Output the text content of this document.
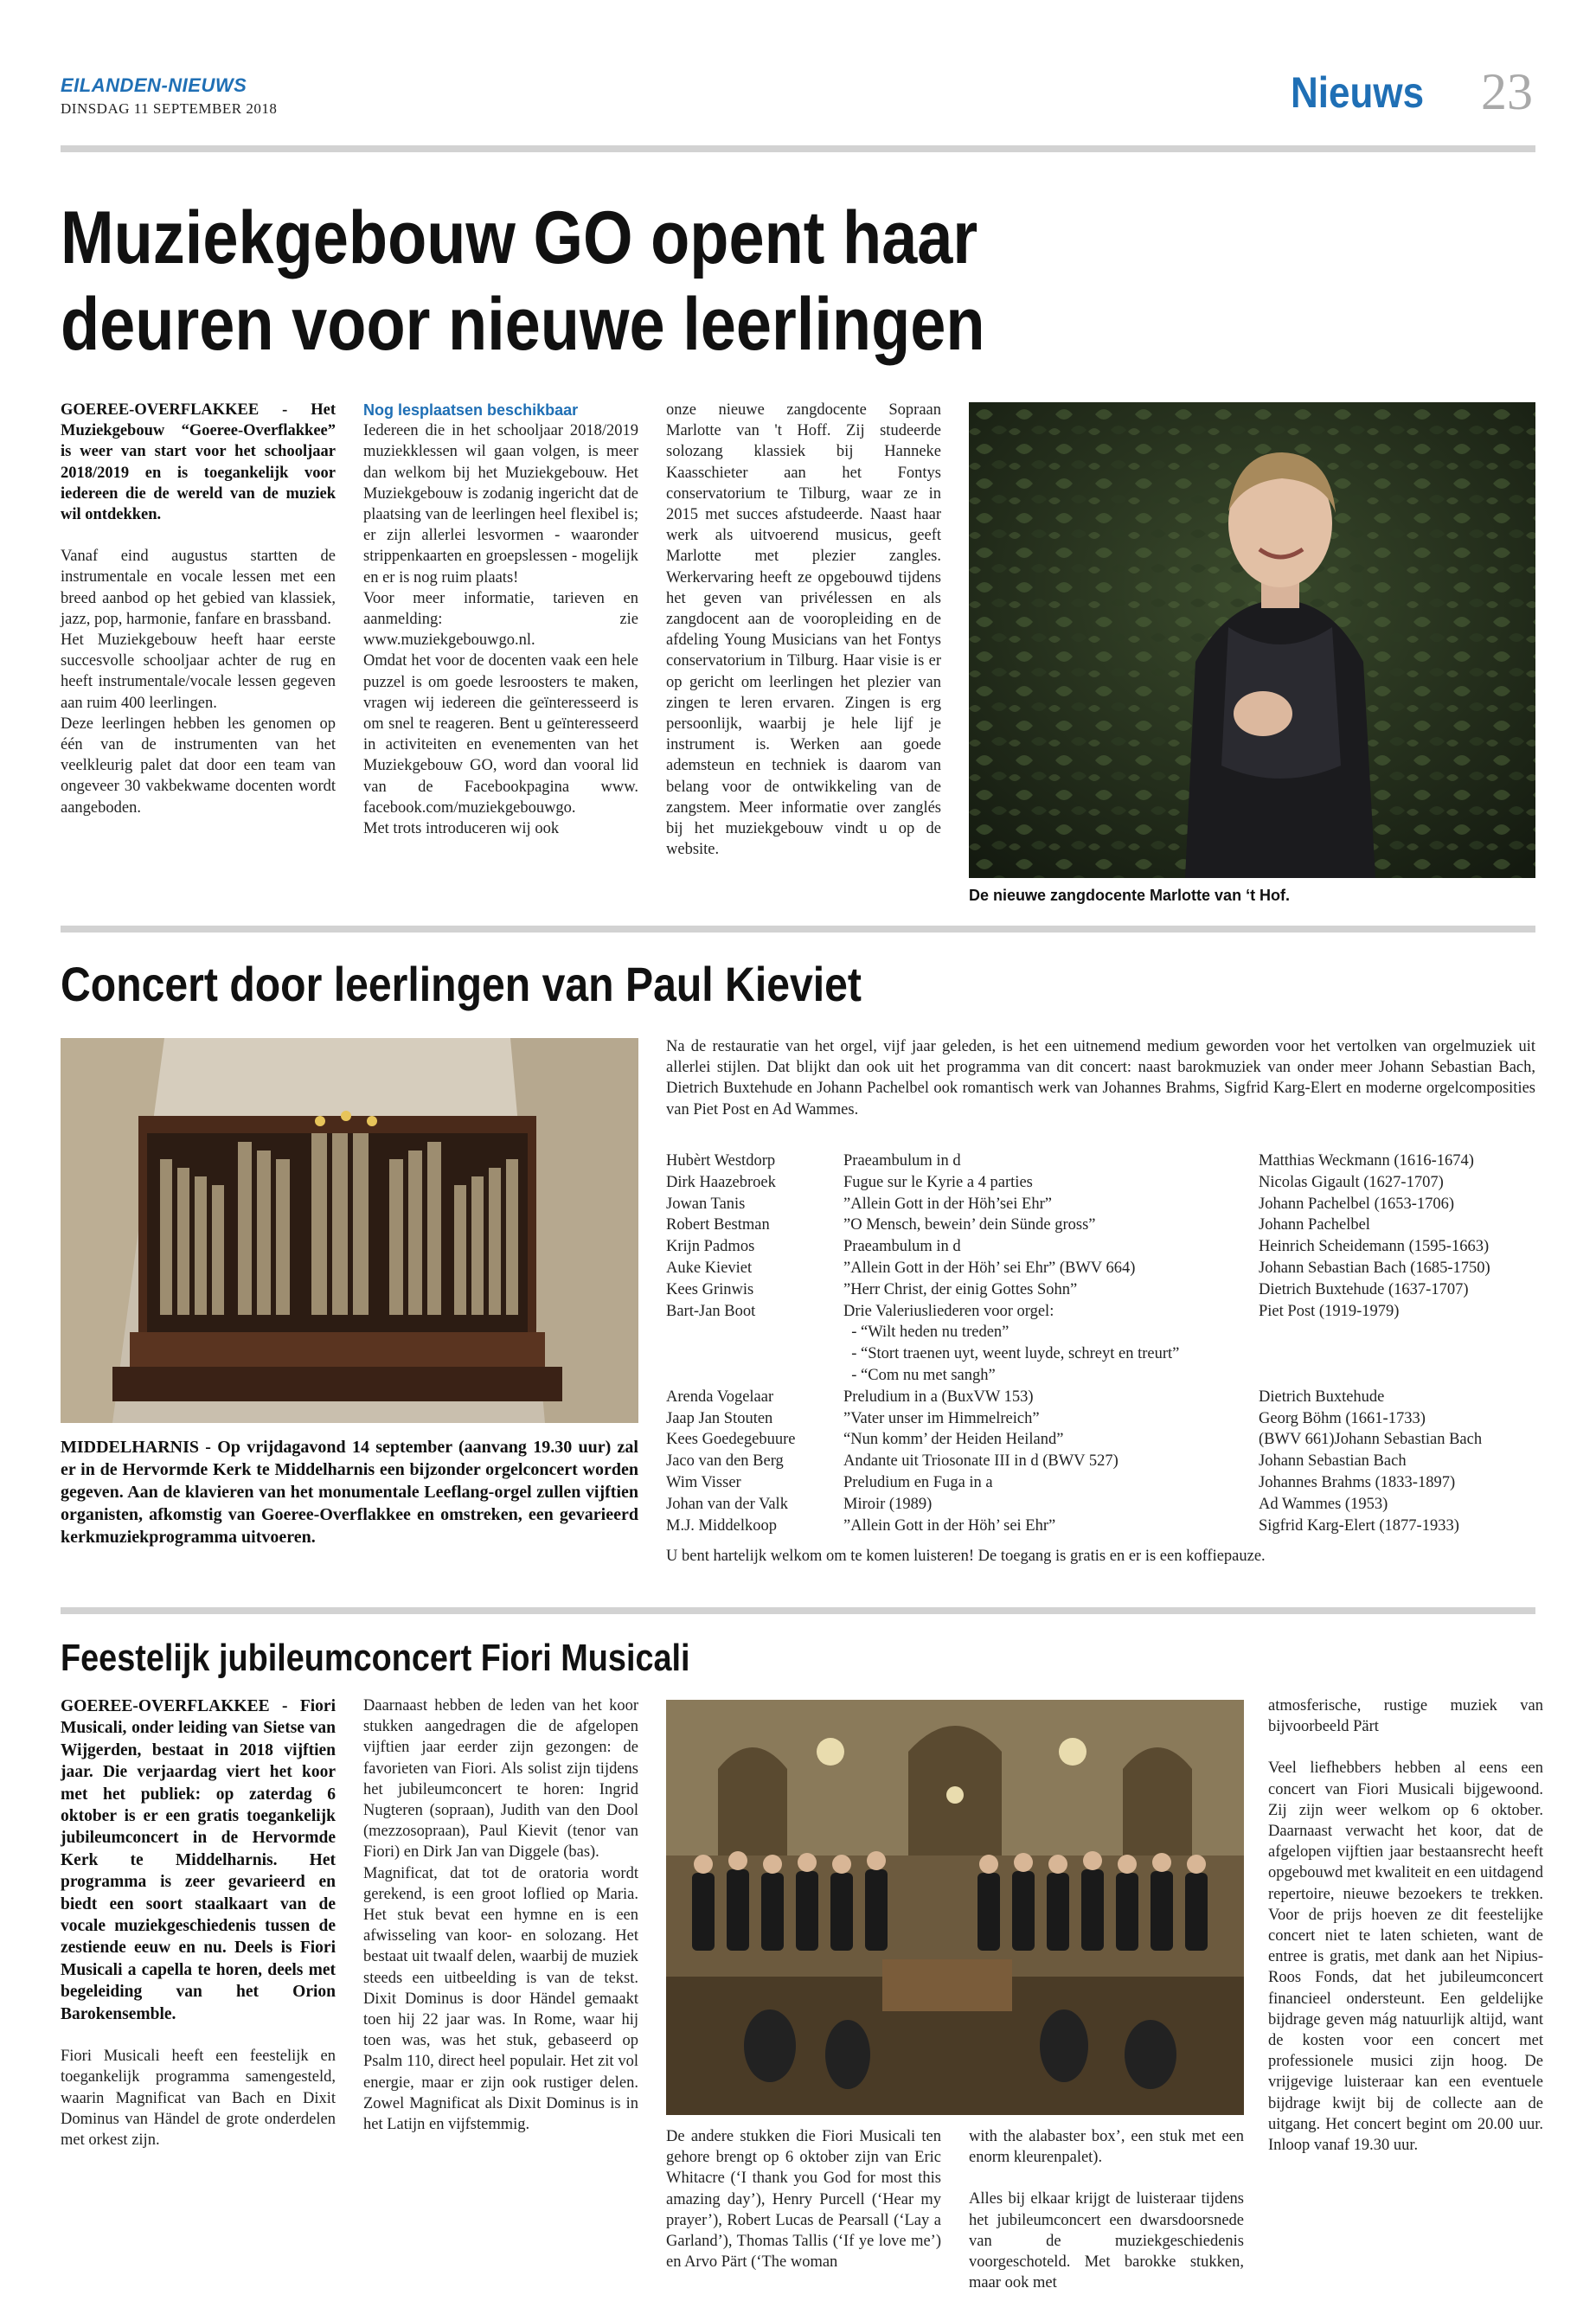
EILANDEN-NIEUWS
DINSDAG 11 SEPTEMBER 2018	Nieuws 23
Muziekgebouw GO opent haar
deuren voor nieuwe leerlingen

GOEREE-OVERFLAKKEE - Het Muziekgebouw “Goeree-Overflakkee” is weer van start voor het schooljaar 2018/2019 en is toegankelijk voor iedereen die de wereld van de muziek wil ontdekken.

Vanaf eind augustus startten de instrumentale en vocale lessen met een breed aanbod op het gebied van klassiek, jazz, pop, harmonie, fanfare en brassband.

Het Muziekgebouw heeft haar eerste succesvolle schooljaar achter de rug en heeft instrumentale/vocale lessen gegeven aan ruim 400 leerlingen.

Deze leerlingen hebben les genomen op één van de instrumenten van het veelkleurig palet dat door een team van ongeveer 30 vakbekwame docenten wordt aangeboden.

Nog lesplaatsen beschikbaar

Iedereen die in het schooljaar 2018/2019 muziekklessen wil gaan volgen, is meer dan welkom bij het Muziekgebouw. Het Muziekgebouw is zodanig ingericht dat de plaatsing van de leerlingen heel flexibel is; er zijn allerlei lesvormen - waaronder strippenkaarten en groepslessen - mogelijk en er is nog ruim plaats!

Voor meer informatie, tarieven en aanmelding: zie www.muziekgebouwgo.nl.

Omdat het voor de docenten vaak een hele puzzel is om goede lesroosters te maken, vragen wij iedereen die geïnteresseerd is om snel te reageren. Bent u geïnteresseerd in activiteiten en evenementen van het Muziekgebouw GO, word dan vooral lid van de Facebookpagina www. facebook.com/muziekgebouwgo.

Met trots introduceren wij ook

onze nieuwe zangdocente Sopraan Marlotte van 't Hoff. Zij studeerde solozang klassiek bij Hanneke Kaasschieter aan het Fontys conservatorium te Tilburg, waar ze in 2015 met succes afstudeerde. Naast haar werk als uitvoerend musicus, geeft Marlotte met plezier zangles. Werkervaring heeft ze opgebouwd tijdens het geven van privélessen en als zangdocent aan de vooropleiding en de afdeling Young Musicians van het Fontys conservatorium in Tilburg. Haar visie is er op gericht om leerlingen het plezier van zingen te leren ervaren. Zingen is erg persoonlijk, waarbij je hele lijf je instrument is. Werken aan goede ademsteun en techniek is daarom van belang voor de ontwikkeling van de zangstem. Meer informatie over zanglés bij het muziekgebouw vindt u op de website.

De nieuwe zangdocente Marlotte van ‘t Hof.
Concert door leerlingen van Paul Kieviet

MIDDELHARNIS - Op vrijdagavond 14 september (aanvang 19.30 uur) zal er in de Hervormde Kerk te Middelharnis een bijzonder orgelconcert worden gegeven. Aan de klavieren van het monumentale Leeflang-orgel zullen vijftien organisten, afkomstig van Goeree-Overflakkee en omstreken, een gevarieerd kerkmuziekprogramma uitvoeren.

Na de restauratie van het orgel, vijf jaar geleden, is het een uitnemend medium geworden voor het vertolken van orgelmuziek uit allerlei stijlen. Dat blijkt dan ook uit het programma van dit concert: naast barokmuziek van onder meer Johann Sebastian Bach, Dietrich Buxtehude en Johann Pachelbel ook romantisch werk van Johannes Brahms, Sigfrid Karg-Elert en moderne orgelcomposities van Piet Post en Ad Wammes.

Hubèrt Westdorp	Praeambulum in d	Matthias Weckmann (1616-1674)
Dirk Haazebroek	Fugue sur le Kyrie a 4 parties	Nicolas Gigault (1627-1707)
Jowan Tanis	”Allein Gott in der Höh’sei Ehr”	Johann Pachelbel (1653-1706)
Robert Bestman	”O Mensch, bewein’ dein Sünde gross”	Johann Pachelbel
Krijn Padmos	Praeambulum in d	Heinrich Scheidemann (1595-1663)
Auke Kieviet	”Allein Gott in der Höh’ sei Ehr” (BWV 664)	Johann Sebastian Bach (1685-1750)
Kees Grinwis	”Herr Christ, der einig Gottes Sohn”	Dietrich Buxtehude (1637-1707)
Bart-Jan Boot	Drie Valeriusliederen voor orgel:	Piet Post (1919-1979)
- “Wilt heden nu treden”
- “Stort traenen uyt, weent luyde, schreyt en treurt”
- “Com nu met sangh”
Arenda Vogelaar	Preludium in a (BuxVW 153)	Dietrich Buxtehude
Jaap Jan Stouten	”Vater unser im Himmelreich”	Georg Böhm (1661-1733)
Kees Goedegebuure	“Nun komm’ der Heiden Heiland”	(BWV 661)Johann Sebastian Bach
Jaco van den Berg	Andante uit Triosonate III in d (BWV 527)	Johann Sebastian Bach
Wim Visser	Preludium en Fuga in a	Johannes Brahms (1833-1897)
Johan van der Valk	Miroir (1989)	Ad Wammes (1953)
M.J. Middelkoop	”Allein Gott in der Höh’ sei Ehr”	Sigfrid Karg-Elert (1877-1933)
U bent hartelijk welkom om te komen luisteren! De toegang is gratis en er is een koffiepauze.
Feestelijk jubileumconcert Fiori Musicali

GOEREE-OVERFLAKKEE - Fiori Musicali, onder leiding van Sietse van Wijgerden, bestaat in 2018 vijftien jaar. Die verjaardag viert het koor met het publiek: op zaterdag 6 oktober is er een gratis toegankelijk jubileumconcert in de Hervormde Kerk te Middelharnis. Het programma is zeer gevarieerd en biedt een soort staalkaart van de vocale muziekgeschiedenis tussen de zestiende eeuw en nu. Deels is Fiori Musicali a capella te horen, deels met begeleiding van het Orion Barokensemble.

Fiori Musicali heeft een feestelijk en toegankelijk programma samengesteld, waarin Magnificat van Bach en Dixit Dominus van Händel de grote onderdelen met orkest zijn.

Daarnaast hebben de leden van het koor stukken aangedragen die de afgelopen vijftien jaar eerder zijn gezongen: de favorieten van Fiori. Als solist zijn tijdens het jubileumconcert te horen: Ingrid Nugteren (sopraan), Judith van den Dool (mezzosopraan), Paul Kievit (tenor van Fiori) en Dirk Jan van Diggele (bas).

Magnificat, dat tot de oratoria wordt gerekend, is een groot loflied op Maria. Het stuk bevat een hymne en is een afwisseling van koor- en solozang. Het bestaat uit twaalf delen, waarbij de muziek steeds een uitbeelding is van de tekst. Dixit Dominus is door Händel gemaakt toen hij 22 jaar was. In Rome, waar hij toen was, was het stuk, gebaseerd op Psalm 110, direct heel populair. Het zit vol energie, maar er zijn ook rustiger delen. Zowel Magnificat als Dixit Dominus is in het Latijn en vijfstemmig.

De andere stukken die Fiori Musicali ten gehore brengt op 6 oktober zijn van Eric Whitacre (‘I thank you God for most this amazing day’), Henry Purcell (‘Hear my prayer’), Robert Lucas de Pearsall (‘Lay a Garland’), Thomas Tallis (‘If ye love me’) en Arvo Pärt (‘The woman

with the alabaster box’, een stuk met een enorm kleurenpalet).

Alles bij elkaar krijgt de luisteraar tijdens het jubileumconcert een dwarsdoorsnede van de muziekgeschiedenis voorgeschoteld. Met barokke stukken, maar ook met

atmosferische, rustige muziek van bijvoorbeeld Pärt

Veel liefhebbers hebben al eens een concert van Fiori Musicali bijgewoond. Zij zijn weer welkom op 6 oktober. Daarnaast verwacht het koor, dat de afgelopen vijftien jaar bestaansrecht heeft opgebouwd met kwaliteit en een uitdagend repertoire, nieuwe bezoekers te trekken. Voor de prijs hoeven ze dit feestelijke concert niet te laten schieten, want de entree is gratis, met dank aan het Nipius-Roos Fonds, dat het jubileumconcert financieel ondersteunt. Een geldelijke bijdrage geven mág natuurlijk altijd, want de kosten voor een concert met professionele musici zijn hoog. De vrijgevige luisteraar kan een eventuele bijdrage kwijt bij de collecte aan de uitgang. Het concert begint om 20.00 uur. Inloop vanaf 19.30 uur.
